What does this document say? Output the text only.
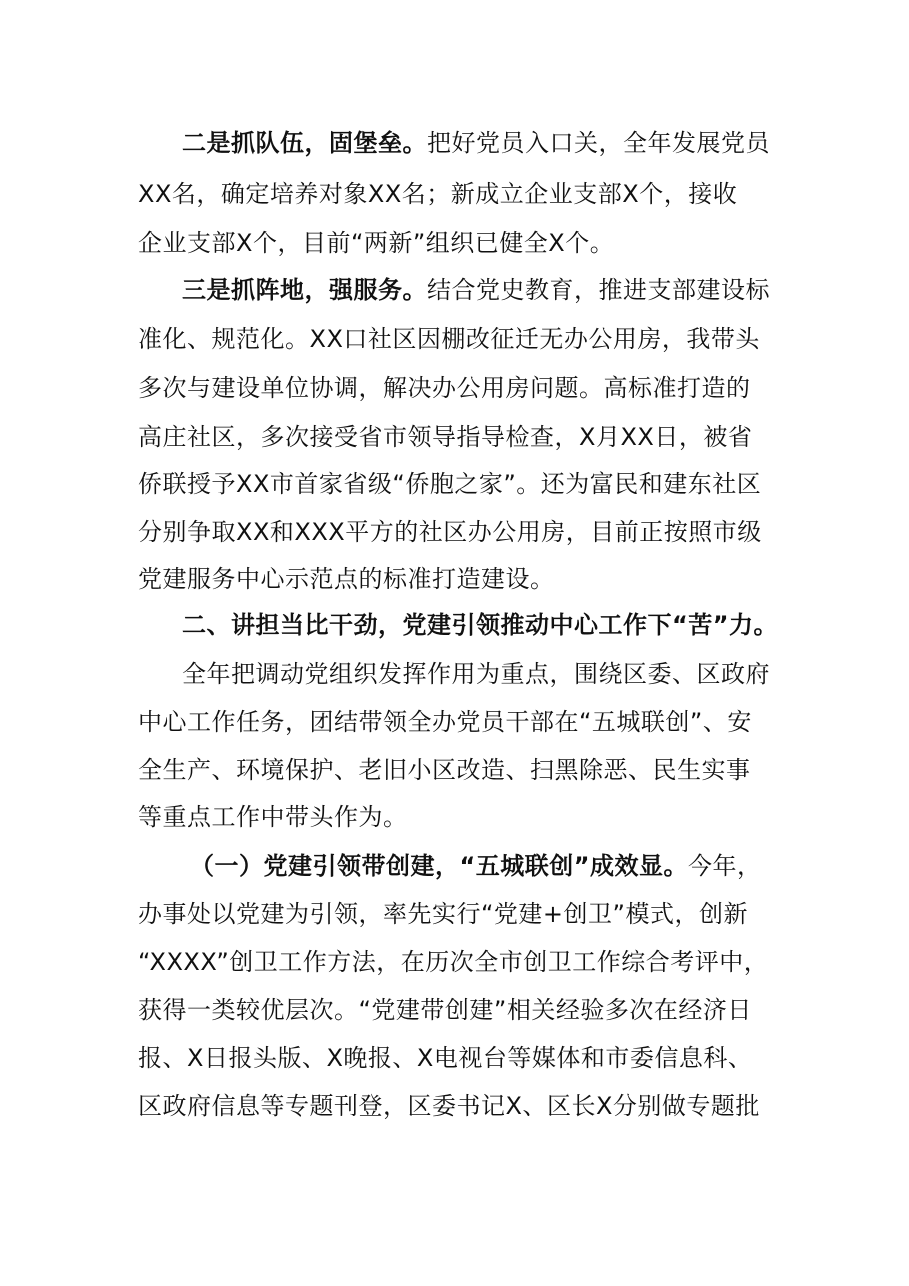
二是抓队伍，固堡垒。把好党员入口关，全年发展党员
XX名，确定培养对象XX名；新成立企业支部X个，接收
企业支部X个，目前“两新”组织已健全X个。
三是抓阵地，强服务。结合党史教育，推进支部建设标
准化、规范化。XX口社区因棚改征迁无办公用房，我带头
多次与建设单位协调，解决办公用房问题。高标准打造的
高庄社区，多次接受省市领导指导检查，X月XX日，被省
侨联授予XX市首家省级“侨胞之家”。还为富民和建东社区
分别争取XX和XXX平方的社区办公用房，目前正按照市级
党建服务中心示范点的标准打造建设。
二、讲担当比干劲，党建引领推动中心工作下“苦”力。
全年把调动党组织发挥作用为重点，围绕区委、区政府
中心工作任务，团结带领全办党员干部在“五城联创”、安
全生产、环境保护、老旧小区改造、扫黑除恶、民生实事
等重点工作中带头作为。
（一）党建引领带创建，“五城联创”成效显。今年，
办事处以党建为引领，率先实行“党建+创卫”模式，创新
“XXXX”创卫工作方法，在历次全市创卫工作综合考评中，
获得一类较优层次。“党建带创建”相关经验多次在经济日
报、X日报头版、X晚报、X电视台等媒体和市委信息科、
区政府信息等专题刊登，区委书记X、区长X分别做专题批
